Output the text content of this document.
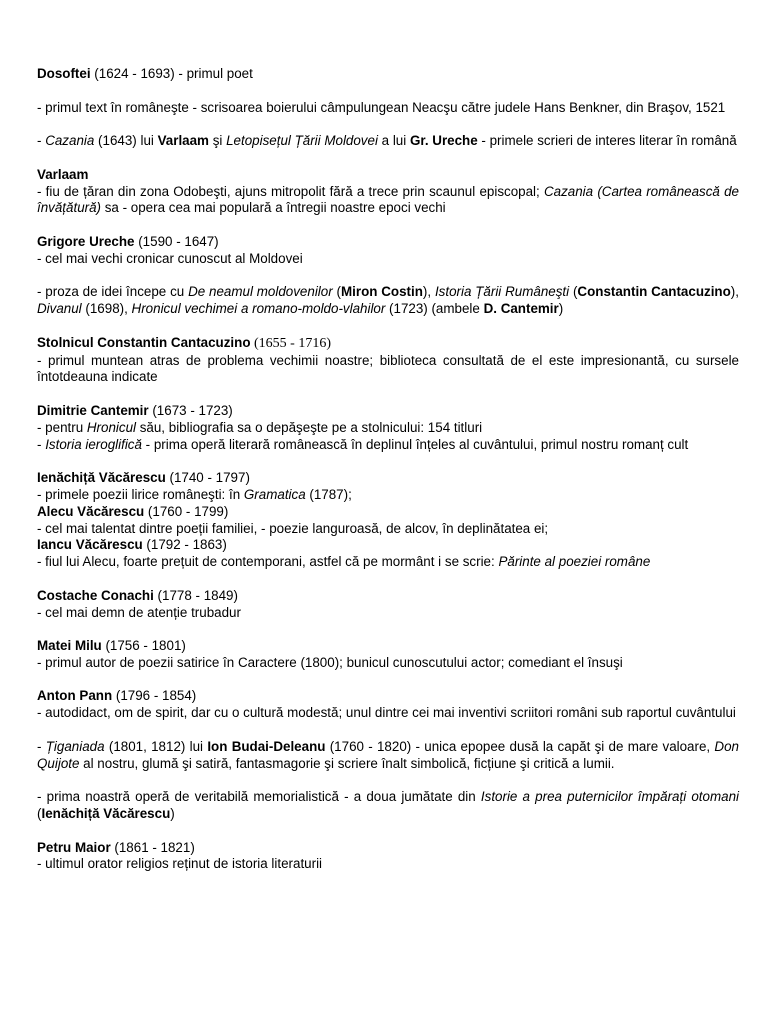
Dosoftei (1624 - 1693) - primul poet

- primul text în româneşte - scrisoarea boierului câmpulungean Neacşu către judele Hans Benkner, din Braşov, 1521

- Cazania (1643) lui Varlaam şi Letopisețul Țării Moldovei a lui Gr. Ureche - primele scrieri de interes literar în română

Varlaam
- fiu de țăran din zona Odobeşti, ajuns mitropolit fără a trece prin scaunul episcopal; Cazania (Cartea românească de învățătură) sa - opera cea mai populară a întregii noastre epoci vechi

Grigore Ureche (1590 - 1647)
- cel mai vechi cronicar cunoscut al Moldovei

- proza de idei începe cu De neamul moldovenilor (Miron Costin), Istoria Țării Rumâneşti (Constantin Cantacuzino), Divanul (1698), Hronicul vechimei a romano-moldo-vlahilor (1723) (ambele D. Cantemir)

Stolnicul Constantin Cantacuzino (1655 - 1716)
- primul muntean atras de problema vechimii noastre; biblioteca consultată de el este impresionantă, cu sursele întotdeauna indicate

Dimitrie Cantemir (1673 - 1723)
- pentru Hronicul său, bibliografia sa o depăşeşte pe a stolnicului: 154 titluri
- Istoria ieroglifică - prima operă literară românească în deplinul înțeles al cuvântului, primul nostru romanț cult

Ienăchiță Văcărescu (1740 - 1797)
- primele poezii lirice româneşti: în Gramatica (1787);
Alecu Văcărescu (1760 - 1799)
- cel mai talentat dintre poeții familiei, - poezie languroasă, de alcov, în deplinătatea ei;
Iancu Văcărescu (1792 - 1863)
- fiul lui Alecu, foarte prețuit de contemporani, astfel că pe mormânt i se scrie: Părinte al poeziei române

Costache Conachi (1778 - 1849)
- cel mai demn de atenție trubadur

Matei Milu (1756 - 1801)
- primul autor de poezii satirice în Caractere (1800); bunicul cunoscutului actor; comediant el însuşi

Anton Pann (1796 - 1854)
- autodidact, om de spirit, dar cu o cultură modestă; unul dintre cei mai inventivi scriitori români sub raportul cuvântului

- Țiganiada (1801, 1812) lui Ion Budai-Deleanu (1760 - 1820) - unica epopee dusă la capăt şi de mare valoare, Don Quijote al nostru, glumă şi satiră, fantasmagorie şi scriere înalt simbolică, ficțiune şi critică a lumii.

- prima noastră operă de veritabilă memorialistică - a doua jumătate din Istorie a prea puternicilor împărați otomani (Ienăchiță Văcărescu)

Petru Maior (1861 - 1821)
- ultimul orator religios reținut de istoria literaturii
